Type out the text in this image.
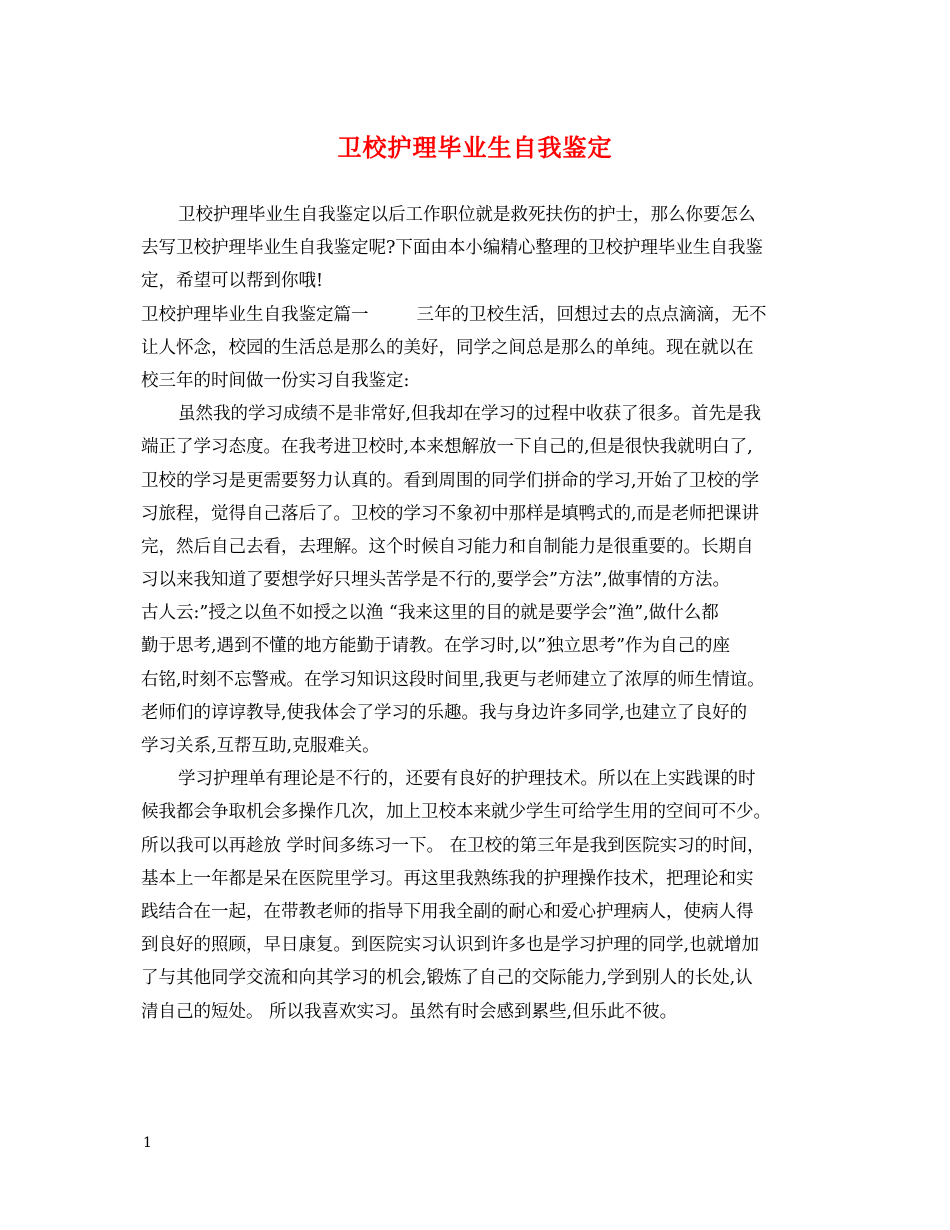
卫校护理毕业生自我鉴定
卫校护理毕业生自我鉴定以后工作职位就是救死扶伤的护士，那么你要怎么
去写卫校护理毕业生自我鉴定呢?下面由本小编精心整理的卫校护理毕业生自我鉴
定，希望可以帮到你哦!
卫校护理毕业生自我鉴定篇一	三年的卫校生活，回想过去的点点滴滴，无不
让人怀念，校园的生活总是那么的美好，同学之间总是那么的单纯。现在就以在
校三年的时间做一份实习自我鉴定:
虽然我的学习成绩不是非常好,但我却在学习的过程中收获了很多。首先是我
端正了学习态度。在我考进卫校时,本来想解放一下自己的,但是很快我就明白了,
卫校的学习是更需要努力认真的。看到周围的同学们拼命的学习,开始了卫校的学
习旅程，觉得自己落后了。卫校的学习不象初中那样是填鸭式的,而是老师把课讲
完，然后自己去看，去理解。这个时候自习能力和自制能力是很重要的。长期自
习以来我知道了要想学好只埋头苦学是不行的,要学会”方法”,做事情的方法。
古人云:”授之以鱼不如授之以渔 “我来这里的目的就是要学会”渔”,做什么都
勤于思考,遇到不懂的地方能勤于请教。在学习时,以”独立思考”作为自己的座
右铭,时刻不忘警戒。在学习知识这段时间里,我更与老师建立了浓厚的师生情谊。
老师们的谆谆教导,使我体会了学习的乐趣。我与身边许多同学,也建立了良好的
学习关系,互帮互助,克服难关。
学习护理单有理论是不行的，还要有良好的护理技术。所以在上实践课的时
候我都会争取机会多操作几次，加上卫校本来就少学生可给学生用的空间可不少。
所以我可以再趁放 学时间多练习一下。 在卫校的第三年是我到医院实习的时间，
基本上一年都是呆在医院里学习。再这里我熟练我的护理操作技术，把理论和实
践结合在一起，在带教老师的指导下用我全副的耐心和爱心护理病人，使病人得
到良好的照顾，早日康复。到医院实习认识到许多也是学习护理的同学,也就增加
了与其他同学交流和向其学习的机会,锻炼了自己的交际能力,学到别人的长处,认
清自己的短处。 所以我喜欢实习。虽然有时会感到累些,但乐此不彼。
1
